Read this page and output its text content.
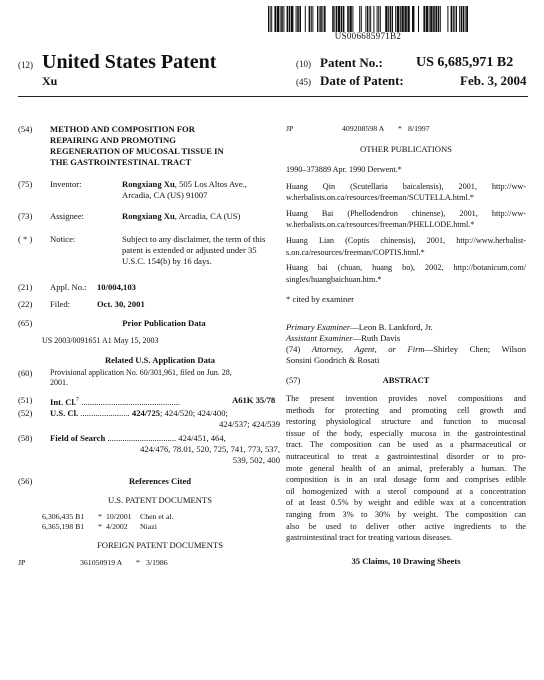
US006685971B2
(12) United States Patent
Xu
(10) Patent No.: US 6,685,971 B2
(45) Date of Patent:	Feb. 3, 2004
(54) METHOD AND COMPOSITION FOR
REPAIRING AND PROMOTING
REGENERATION OF MUCOSAL TISSUE IN
THE GASTROINTESTINAL TRACT
(75) Inventor:	Rongxiang Xu, 505 Los Altos Ave.,
Arcadia, CA (US) 91007
(73) Assignee:	Rongxiang Xu, Arcadia, CA (US)
( * ) Notice:	Subject to any disclaimer, the term of this
patent is extended or adjusted under 35
U.S.C. 154(b) by 16 days.
(21) Appl. No.: 10/004,103
(22) Filed:	Oct. 30, 2001
(65)	Prior Publication Data
US 2003/0091651 A1 May 15, 2003
Related U.S. Application Data
(60) Provisional application No. 60/301,961, filed on Jun. 28,
2001.
(51) Int. Cl.$^7$ ..............................................	A61K 35/78
(52) U.S. Cl. ....................... 424/725; 424/520; 424/400;
424/537; 424/539
(58) Field of Search ................................ 424/451, 464,
424/476, 78.01, 520, 725, 741, 773, 537,
539, 502, 400
(56)	References Cited
U.S. PATENT DOCUMENTS
6,306,435 B1 * 10/2001 Chen et al.
6,365,198 B1 * 4/2002 Niazi
FOREIGN PATENT DOCUMENTS
JP	361050919 A * 3/1986
JP	409208598 A * 8/1997
OTHER PUBLICATIONS
1990–373889 Apr. 1990 Derwent.*
Huang Qin (Scutellaria baicalensis), 2001, http://ww-
w.herbalists.on.ca/resources/freeman/SCUTELLA.html.*
Huang Bai (Phellodendron chinense), 2001, http://ww-
w.herbalists.on.ca/resources/freeman/PHELLODE.html.*
Huang Lian (Coptis chinensis), 2001, http://www.herbalist-
s.on.ca/resources/freeman/COPTIS.html.*
Huang bai (chuan, huang bo), 2002, http://botanicum.com/
singles/huangbaichuan.htm.*
* cited by examiner
Primary Examiner—Leon B. Lankford, Jr.
Assistant Examiner—Ruth Davis
(74) Attorney, Agent, or Firm—Shirley Chen; Wilson
Sonsini Goodrich & Rosati
(57)	ABSTRACT
The present invention provides novel compositions and
methods for protecting and promoting cell growth and
restoring physiological structure and function to mucosal
tissue of the body, especially mucosa in the gastrointestinal
tract. The composition can be used as a pharmaceutical or
nutraceutical to treat a gastrointestinal disorder or to pro-
mote general health of an animal, preferably a human. The
composition is in an oral dosage form and comprises edible
oil homogenized with a sterol compound at a concentration
of at least 0.5% by weight and edible wax at a concentration
ranging from 3% to 30% by weight. The composition can
also be used to deliver other active ingredients to the
gastrointestinal tract for treating various diseases.
35 Claims, 10 Drawing Sheets
